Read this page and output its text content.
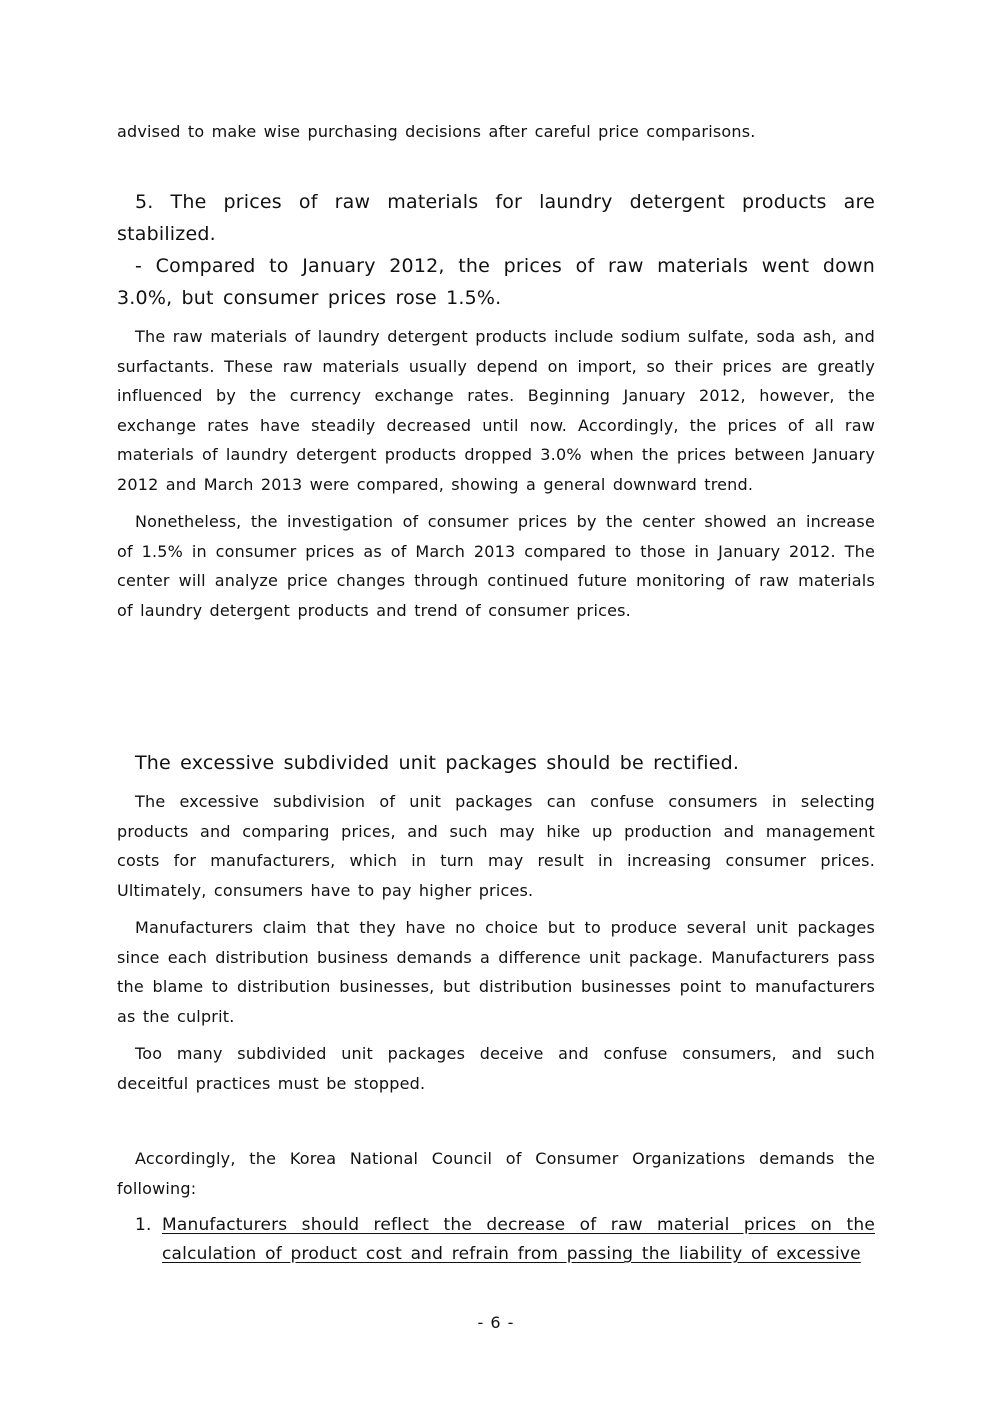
advised to make wise purchasing decisions after careful price comparisons.

5. The prices of raw materials for laundry detergent products are stabilized.

- Compared to January 2012, the prices of raw materials went down 3.0%, but consumer prices rose 1.5%.

The raw materials of laundry detergent products include sodium sulfate, soda ash, and surfactants. These raw materials usually depend on import, so their prices are greatly influenced by the currency exchange rates. Beginning January 2012, however, the exchange rates have steadily decreased until now. Accordingly, the prices of all raw materials of laundry detergent products dropped 3.0% when the prices between January 2012 and March 2013 were compared, showing a general downward trend.

Nonetheless, the investigation of consumer prices by the center showed an increase of 1.5% in consumer prices as of March 2013 compared to those in January 2012. The center will analyze price changes through continued future monitoring of raw materials of laundry detergent products and trend of consumer prices.

The excessive subdivided unit packages should be rectified.

The excessive subdivision of unit packages can confuse consumers in selecting products and comparing prices, and such may hike up production and management costs for manufacturers, which in turn may result in increasing consumer prices. Ultimately, consumers have to pay higher prices.

Manufacturers claim that they have no choice but to produce several unit packages since each distribution business demands a difference unit package. Manufacturers pass the blame to distribution businesses, but distribution businesses point to manufacturers as the culprit.

Too many subdivided unit packages deceive and confuse consumers, and such deceitful practices must be stopped.

Accordingly, the Korea National Council of Consumer Organizations demands the following:

1. Manufacturers should reflect the decrease of raw material prices on the calculation of product cost and refrain from passing the liability of excessive

- 6 -
